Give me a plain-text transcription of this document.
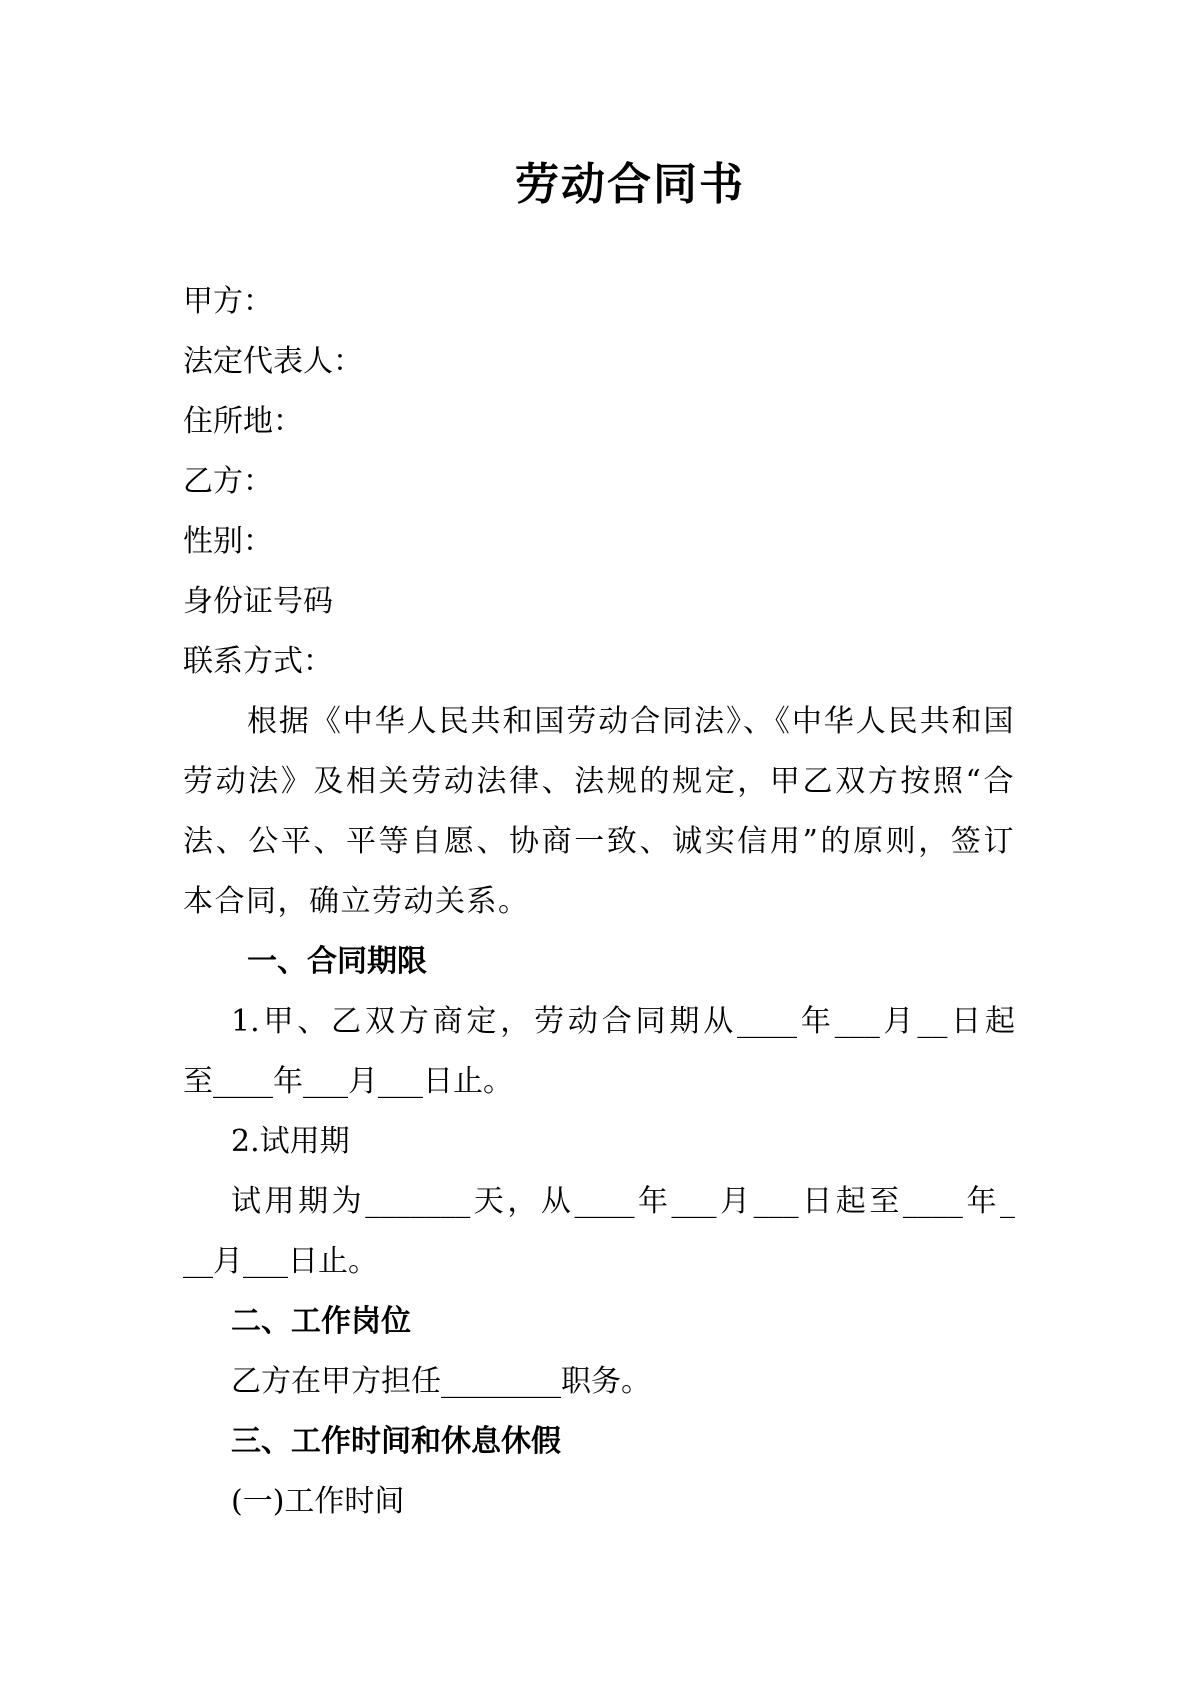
劳动合同书
甲方：
法定代表人：
住所地：
乙方：
性别：
身份证号码
联系方式：
根据《中华人民共和国劳动合同法》、《中华人民共和国劳动法》及相关劳动法律、法规的规定，甲乙双方按照“合法、公平、平等自愿、协商一致、诚实信用”的原则，签订本合同，确立劳动关系。
一、合同期限
1.甲、乙双方商定，劳动合同期从____年___月__日起
至____年___月___日止。
2.试用期
试用期为_______天，从____年___月___日起至____年_
__月___日止。
二、工作岗位
乙方在甲方担任________职务。
三、工作时间和休息休假
(一)工作时间
